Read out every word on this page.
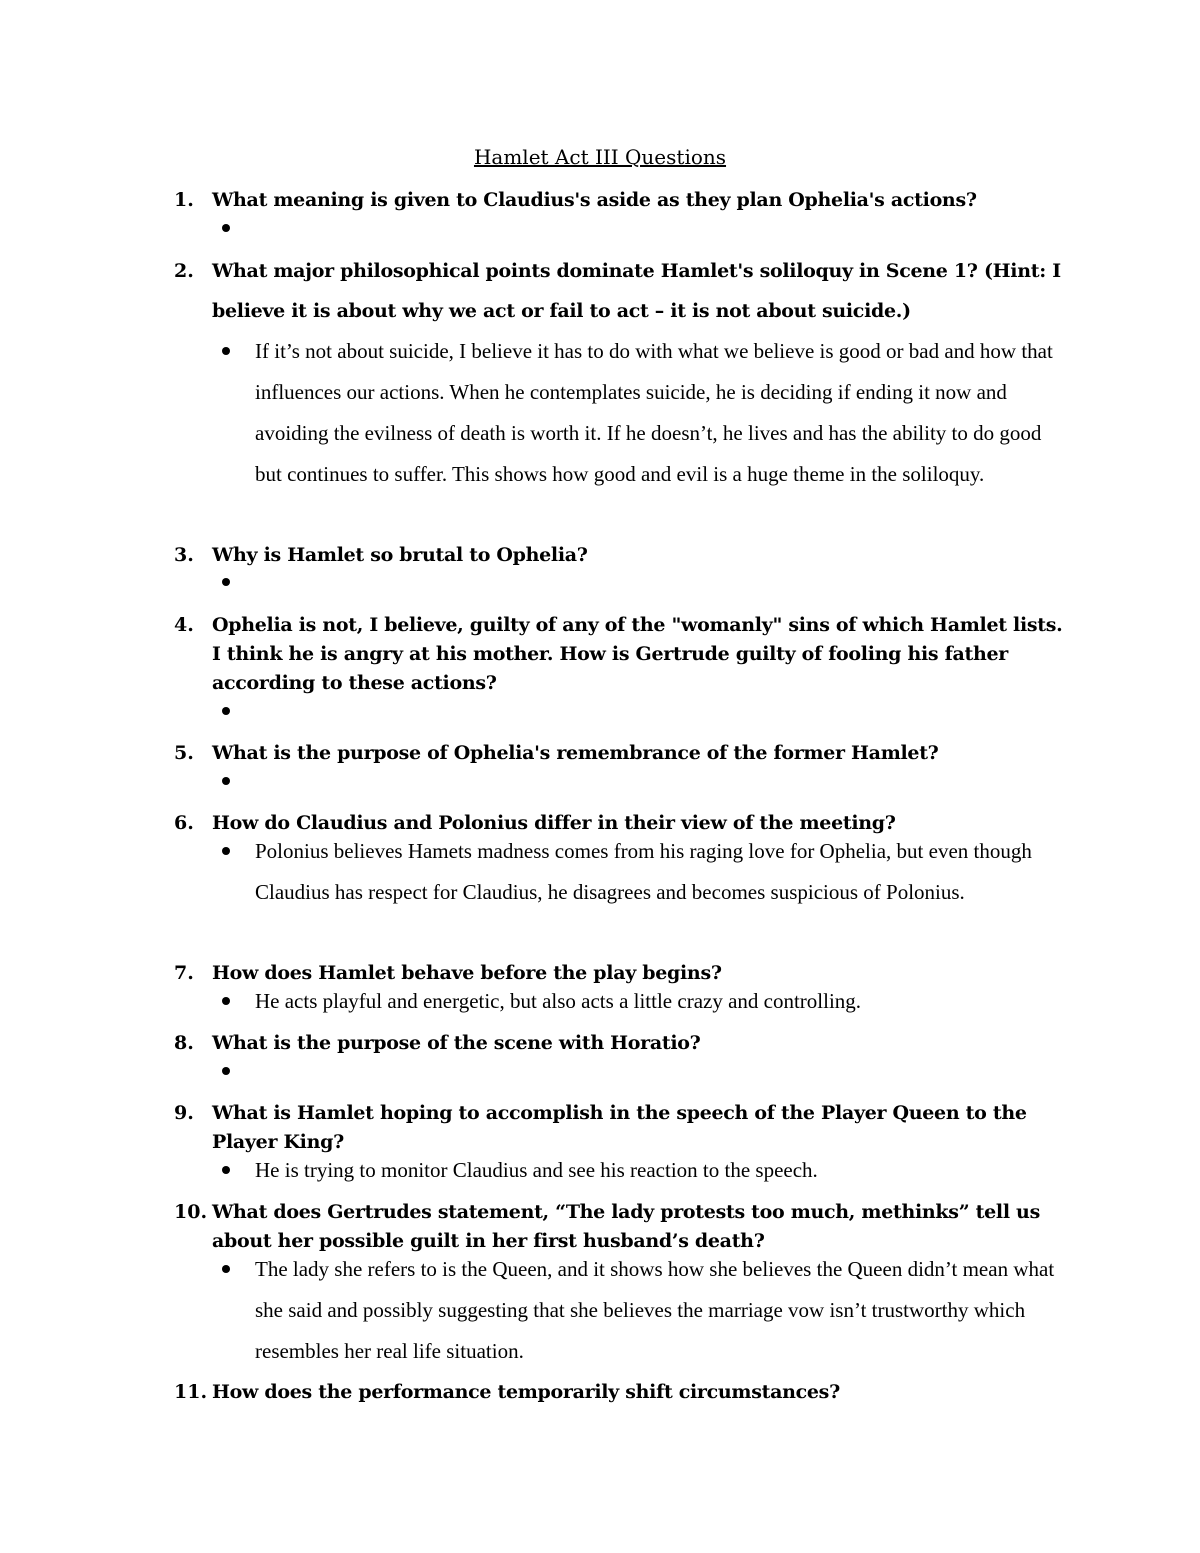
Hamlet Act III Questions
1. What meaning is given to Claudius's aside as they plan Ophelia's actions?
2. What major philosophical points dominate Hamlet's soliloquy in Scene 1? (Hint: I believe it is about why we act or fail to act – it is not about suicide.)
If it’s not about suicide, I believe it has to do with what we believe is good or bad and how that influences our actions. When he contemplates suicide, he is deciding if ending it now and avoiding the evilness of death is worth it. If he doesn’t, he lives and has the ability to do good but continues to suffer. This shows how good and evil is a huge theme in the soliloquy.
3. Why is Hamlet so brutal to Ophelia?
4. Ophelia is not, I believe, guilty of any of the "womanly" sins of which Hamlet lists. I think he is angry at his mother. How is Gertrude guilty of fooling his father according to these actions?
5. What is the purpose of Ophelia's remembrance of the former Hamlet?
6. How do Claudius and Polonius differ in their view of the meeting?
Polonius believes Hamets madness comes from his raging love for Ophelia, but even though Claudius has respect for Claudius, he disagrees and becomes suspicious of Polonius.
7. How does Hamlet behave before the play begins?
He acts playful and energetic, but also acts a little crazy and controlling.
8. What is the purpose of the scene with Horatio?
9. What is Hamlet hoping to accomplish in the speech of the Player Queen to the Player King?
He is trying to monitor Claudius and see his reaction to the speech.
10. What does Gertrudes statement, “The lady protests too much, methinks” tell us about her possible guilt in her first husband’s death?
The lady she refers to is the Queen, and it shows how she believes the Queen didn’t mean what she said and possibly suggesting that she believes the marriage vow isn’t trustworthy which resembles her real life situation.
11. How does the performance temporarily shift circumstances?
